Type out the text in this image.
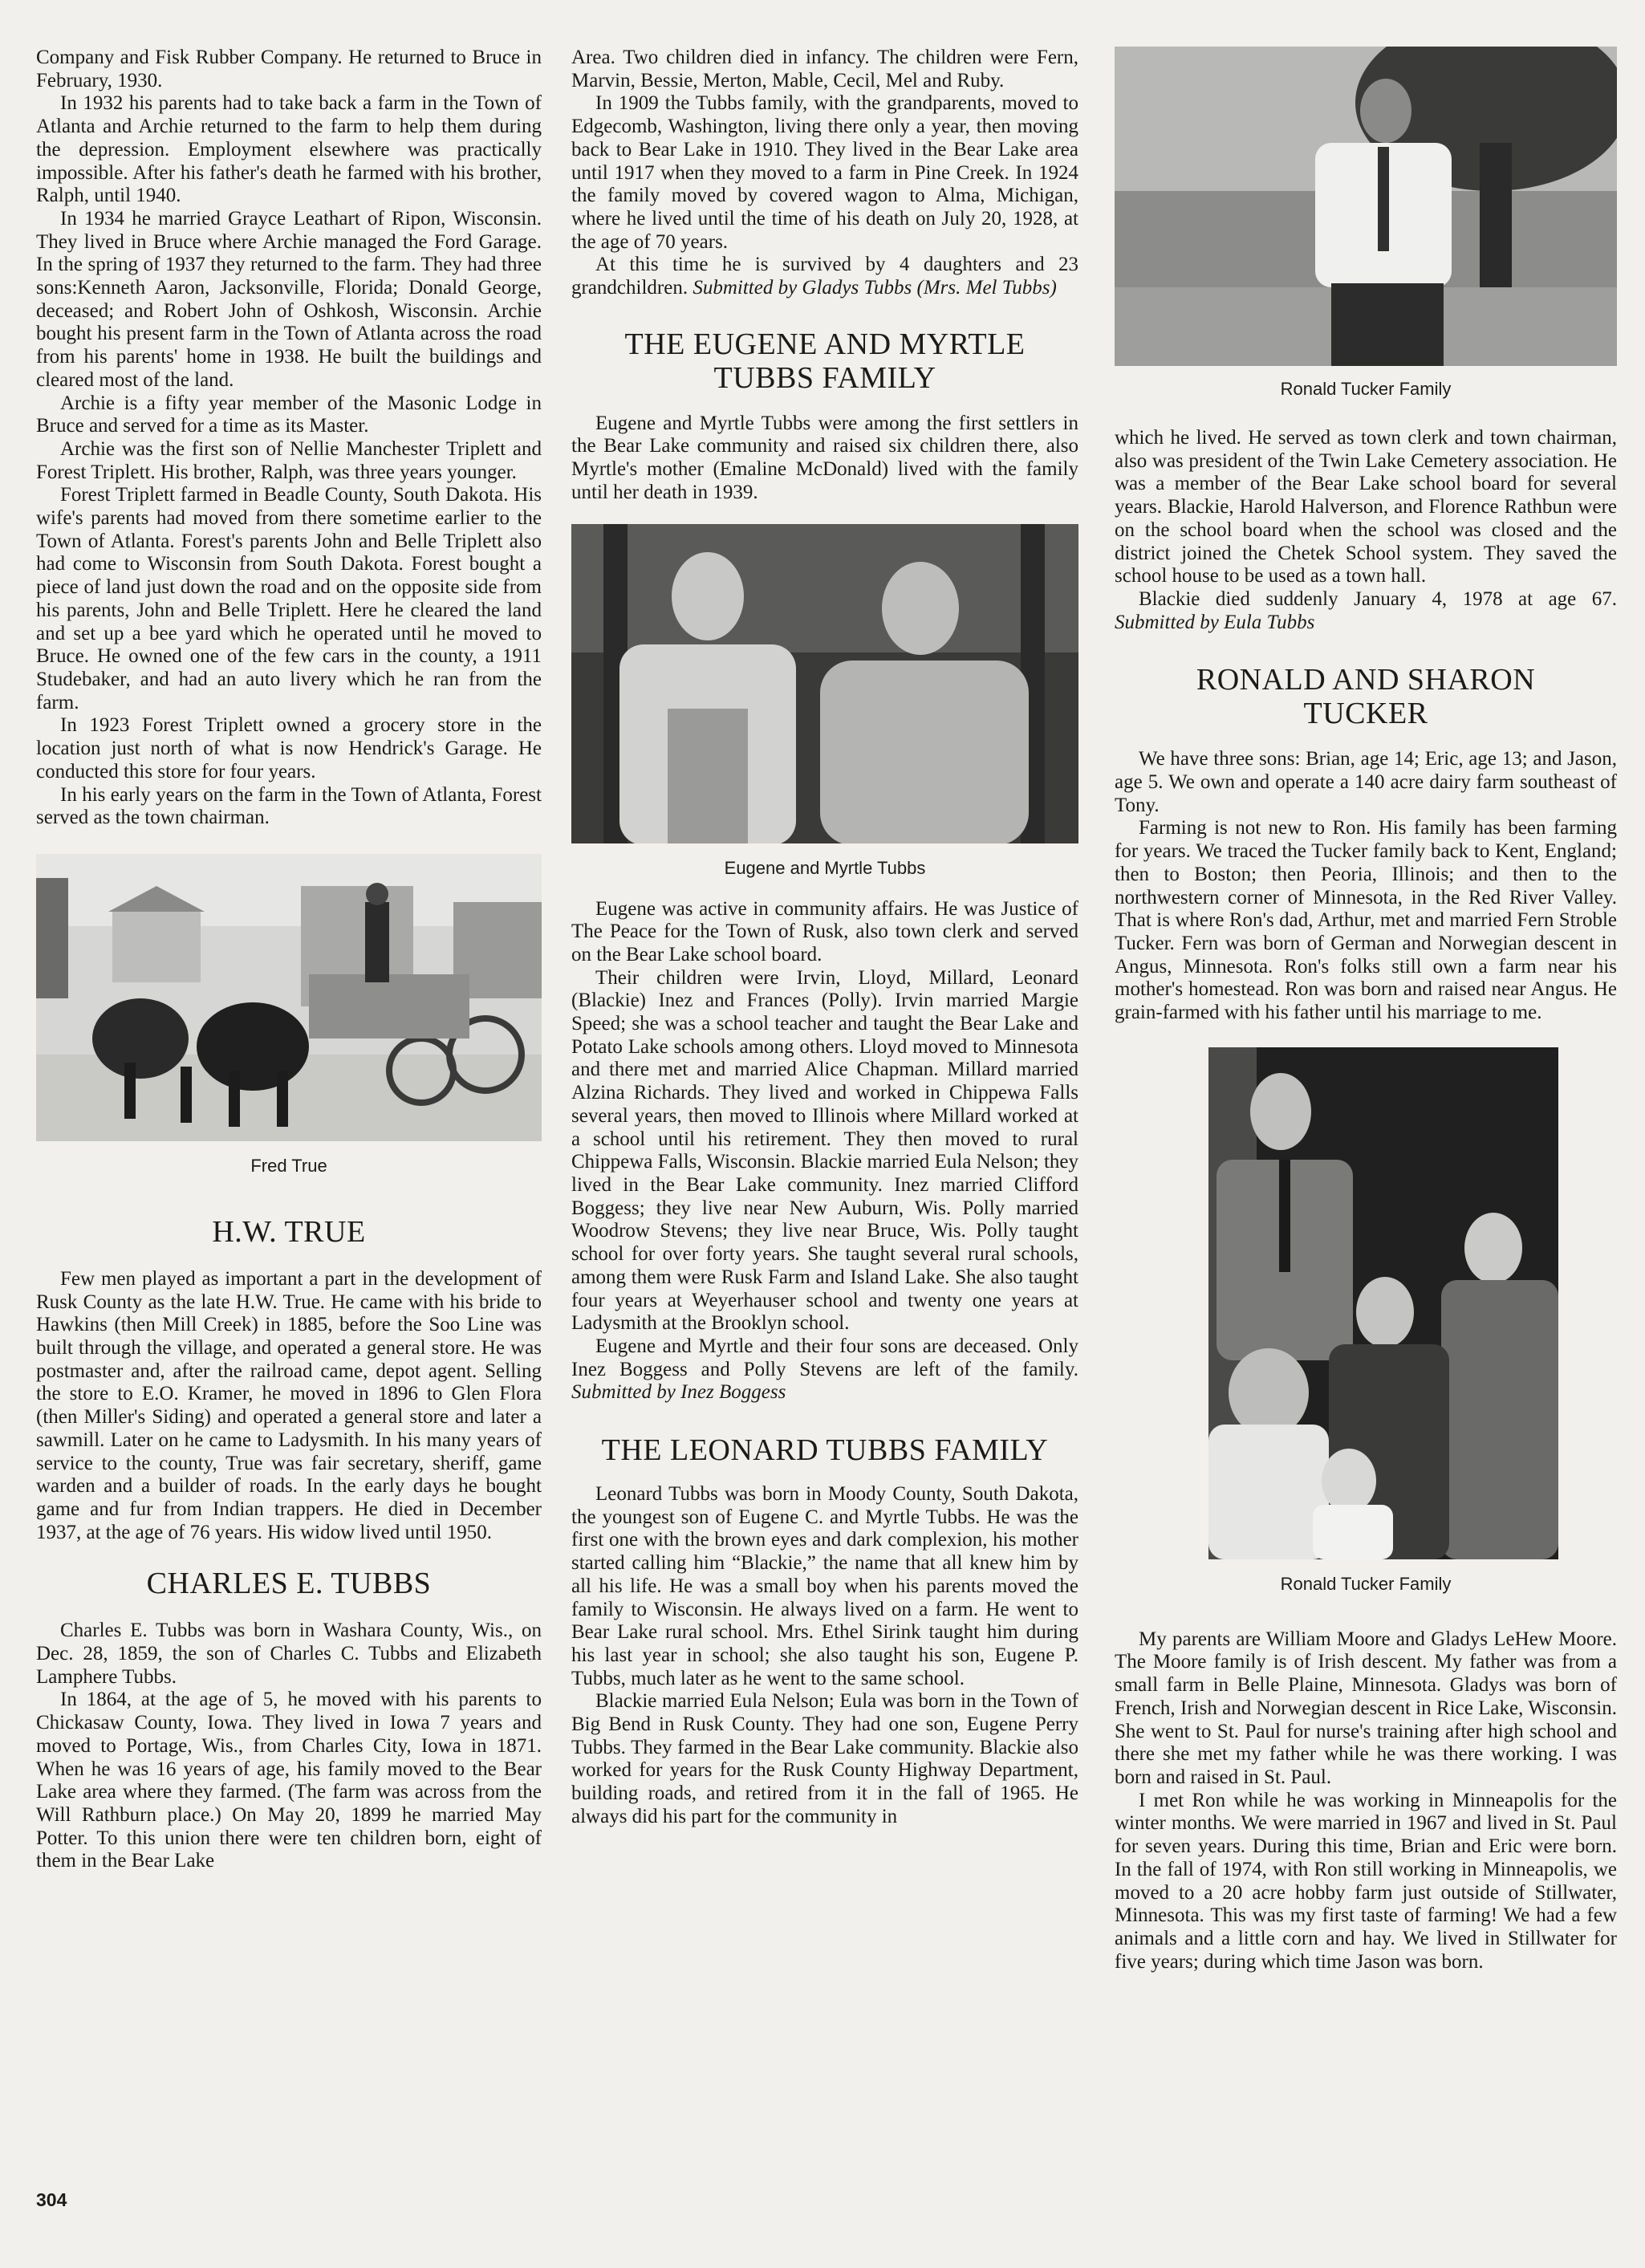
Company and Fisk Rubber Company. He returned to Bruce in February, 1930.

In 1932 his parents had to take back a farm in the Town of Atlanta and Archie returned to the farm to help them during the depression. Employment elsewhere was practically impossible. After his father's death he farmed with his brother, Ralph, until 1940.

In 1934 he married Grayce Leathart of Ripon, Wisconsin. They lived in Bruce where Archie managed the Ford Garage. In the spring of 1937 they returned to the farm. They had three sons:Kenneth Aaron, Jacksonville, Florida; Donald George, deceased; and Robert John of Oshkosh, Wisconsin. Archie bought his present farm in the Town of Atlanta across the road from his parents' home in 1938. He built the buildings and cleared most of the land.

Archie is a fifty year member of the Masonic Lodge in Bruce and served for a time as its Master.

Archie was the first son of Nellie Manchester Triplett and Forest Triplett. His brother, Ralph, was three years younger.

Forest Triplett farmed in Beadle County, South Dakota. His wife's parents had moved from there sometime earlier to the Town of Atlanta. Forest's parents John and Belle Triplett also had come to Wisconsin from South Dakota. Forest bought a piece of land just down the road and on the opposite side from his parents, John and Belle Triplett. Here he cleared the land and set up a bee yard which he operated until he moved to Bruce. He owned one of the few cars in the county, a 1911 Studebaker, and had an auto livery which he ran from the farm.

In 1923 Forest Triplett owned a grocery store in the location just north of what is now Hendrick's Garage. He conducted this store for four years.

In his early years on the farm in the Town of Atlanta, Forest served as the town chairman.

Fred True
H.W. TRUE

Few men played as important a part in the development of Rusk County as the late H.W. True. He came with his bride to Hawkins (then Mill Creek) in 1885, before the Soo Line was built through the village, and operated a general store. He was postmaster and, after the railroad came, depot agent. Selling the store to E.O. Kramer, he moved in 1896 to Glen Flora (then Miller's Siding) and operated a general store and later a sawmill. Later on he came to Ladysmith. In his many years of service to the county, True was fair secretary, sheriff, game warden and a builder of roads. In the early days he bought game and fur from Indian trappers. He died in December 1937, at the age of 76 years. His widow lived until 1950.

CHARLES E. TUBBS

Charles E. Tubbs was born in Washara County, Wis., on Dec. 28, 1859, the son of Charles C. Tubbs and Elizabeth Lamphere Tubbs.

In 1864, at the age of 5, he moved with his parents to Chickasaw County, Iowa. They lived in Iowa 7 years and moved to Portage, Wis., from Charles City, Iowa in 1871. When he was 16 years of age, his family moved to the Bear Lake area where they farmed. (The farm was across from the Will Rathburn place.) On May 20, 1899 he married May Potter. To this union there were ten children born, eight of them in the Bear Lake

Area. Two children died in infancy. The children were Fern, Marvin, Bessie, Merton, Mable, Cecil, Mel and Ruby.

In 1909 the Tubbs family, with the grandparents, moved to Edgecomb, Washington, living there only a year, then moving back to Bear Lake in 1910. They lived in the Bear Lake area until 1917 when they moved to a farm in Pine Creek. In 1924 the family moved by covered wagon to Alma, Michigan, where he lived until the time of his death on July 20, 1928, at the age of 70 years.

At this time he is survived by 4 daughters and 23 grandchildren. Submitted by Gladys Tubbs (Mrs. Mel Tubbs)

THE EUGENE AND MYRTLE TUBBS FAMILY

Eugene and Myrtle Tubbs were among the first settlers in the Bear Lake community and raised six children there, also Myrtle's mother (Emaline McDonald) lived with the family until her death in 1939.

Eugene and Myrtle Tubbs

Eugene was active in community affairs. He was Justice of The Peace for the Town of Rusk, also town clerk and served on the Bear Lake school board.

Their children were Irvin, Lloyd, Millard, Leonard (Blackie) Inez and Frances (Polly). Irvin married Margie Speed; she was a school teacher and taught the Bear Lake and Potato Lake schools among others. Lloyd moved to Minnesota and there met and married Alice Chapman. Millard married Alzina Richards. They lived and worked in Chippewa Falls several years, then moved to Illinois where Millard worked at a school until his retirement. They then moved to rural Chippewa Falls, Wisconsin. Blackie married Eula Nelson; they lived in the Bear Lake community. Inez married Clifford Boggess; they live near New Auburn, Wis. Polly married Woodrow Stevens; they live near Bruce, Wis. Polly taught school for over forty years. She taught several rural schools, among them were Rusk Farm and Island Lake. She also taught four years at Weyerhauser school and twenty one years at Ladysmith at the Brooklyn school.

Eugene and Myrtle and their four sons are deceased. Only Inez Boggess and Polly Stevens are left of the family. Submitted by Inez Boggess

THE LEONARD TUBBS FAMILY

Leonard Tubbs was born in Moody County, South Dakota, the youngest son of Eugene C. and Myrtle Tubbs. He was the first one with the brown eyes and dark complexion, his mother started calling him “Blackie,” the name that all knew him by all his life. He was a small boy when his parents moved the family to Wisconsin. He always lived on a farm. He went to Bear Lake rural school. Mrs. Ethel Sirink taught him during his last year in school; she also taught his son, Eugene P. Tubbs, much later as he went to the same school.

Blackie married Eula Nelson; Eula was born in the Town of Big Bend in Rusk County. They had one son, Eugene Perry Tubbs. They farmed in the Bear Lake community. Blackie also worked for years for the Rusk County Highway Department, building roads, and retired from it in the fall of 1965. He always did his part for the community in

Ronald Tucker Family

which he lived. He served as town clerk and town chairman, also was president of the Twin Lake Cemetery association. He was a member of the Bear Lake school board for several years. Blackie, Harold Halverson, and Florence Rathbun were on the school board when the school was closed and the district joined the Chetek School system. They saved the school house to be used as a town hall.

Blackie died suddenly January 4, 1978 at age 67. Submitted by Eula Tubbs

RONALD AND SHARON TUCKER

We have three sons: Brian, age 14; Eric, age 13; and Jason, age 5. We own and operate a 140 acre dairy farm southeast of Tony.

Farming is not new to Ron. His family has been farming for years. We traced the Tucker family back to Kent, England; then to Boston; then Peoria, Illinois; and then to the northwestern corner of Minnesota, in the Red River Valley. That is where Ron's dad, Arthur, met and married Fern Stroble Tucker. Fern was born of German and Norwegian descent in Angus, Minnesota. Ron's folks still own a farm near his mother's homestead. Ron was born and raised near Angus. He grain-farmed with his father until his marriage to me.

Ronald Tucker Family

My parents are William Moore and Gladys LeHew Moore. The Moore family is of Irish descent. My father was from a small farm in Belle Plaine, Minnesota. Gladys was born of French, Irish and Norwegian descent in Rice Lake, Wisconsin. She went to St. Paul for nurse's training after high school and there she met my father while he was there working. I was born and raised in St. Paul.

I met Ron while he was working in Minneapolis for the winter months. We were married in 1967 and lived in St. Paul for seven years. During this time, Brian and Eric were born. In the fall of 1974, with Ron still working in Minneapolis, we moved to a 20 acre hobby farm just outside of Stillwater, Minnesota. This was my first taste of farming! We had a few animals and a little corn and hay. We lived in Stillwater for five years; during which time Jason was born.

304
